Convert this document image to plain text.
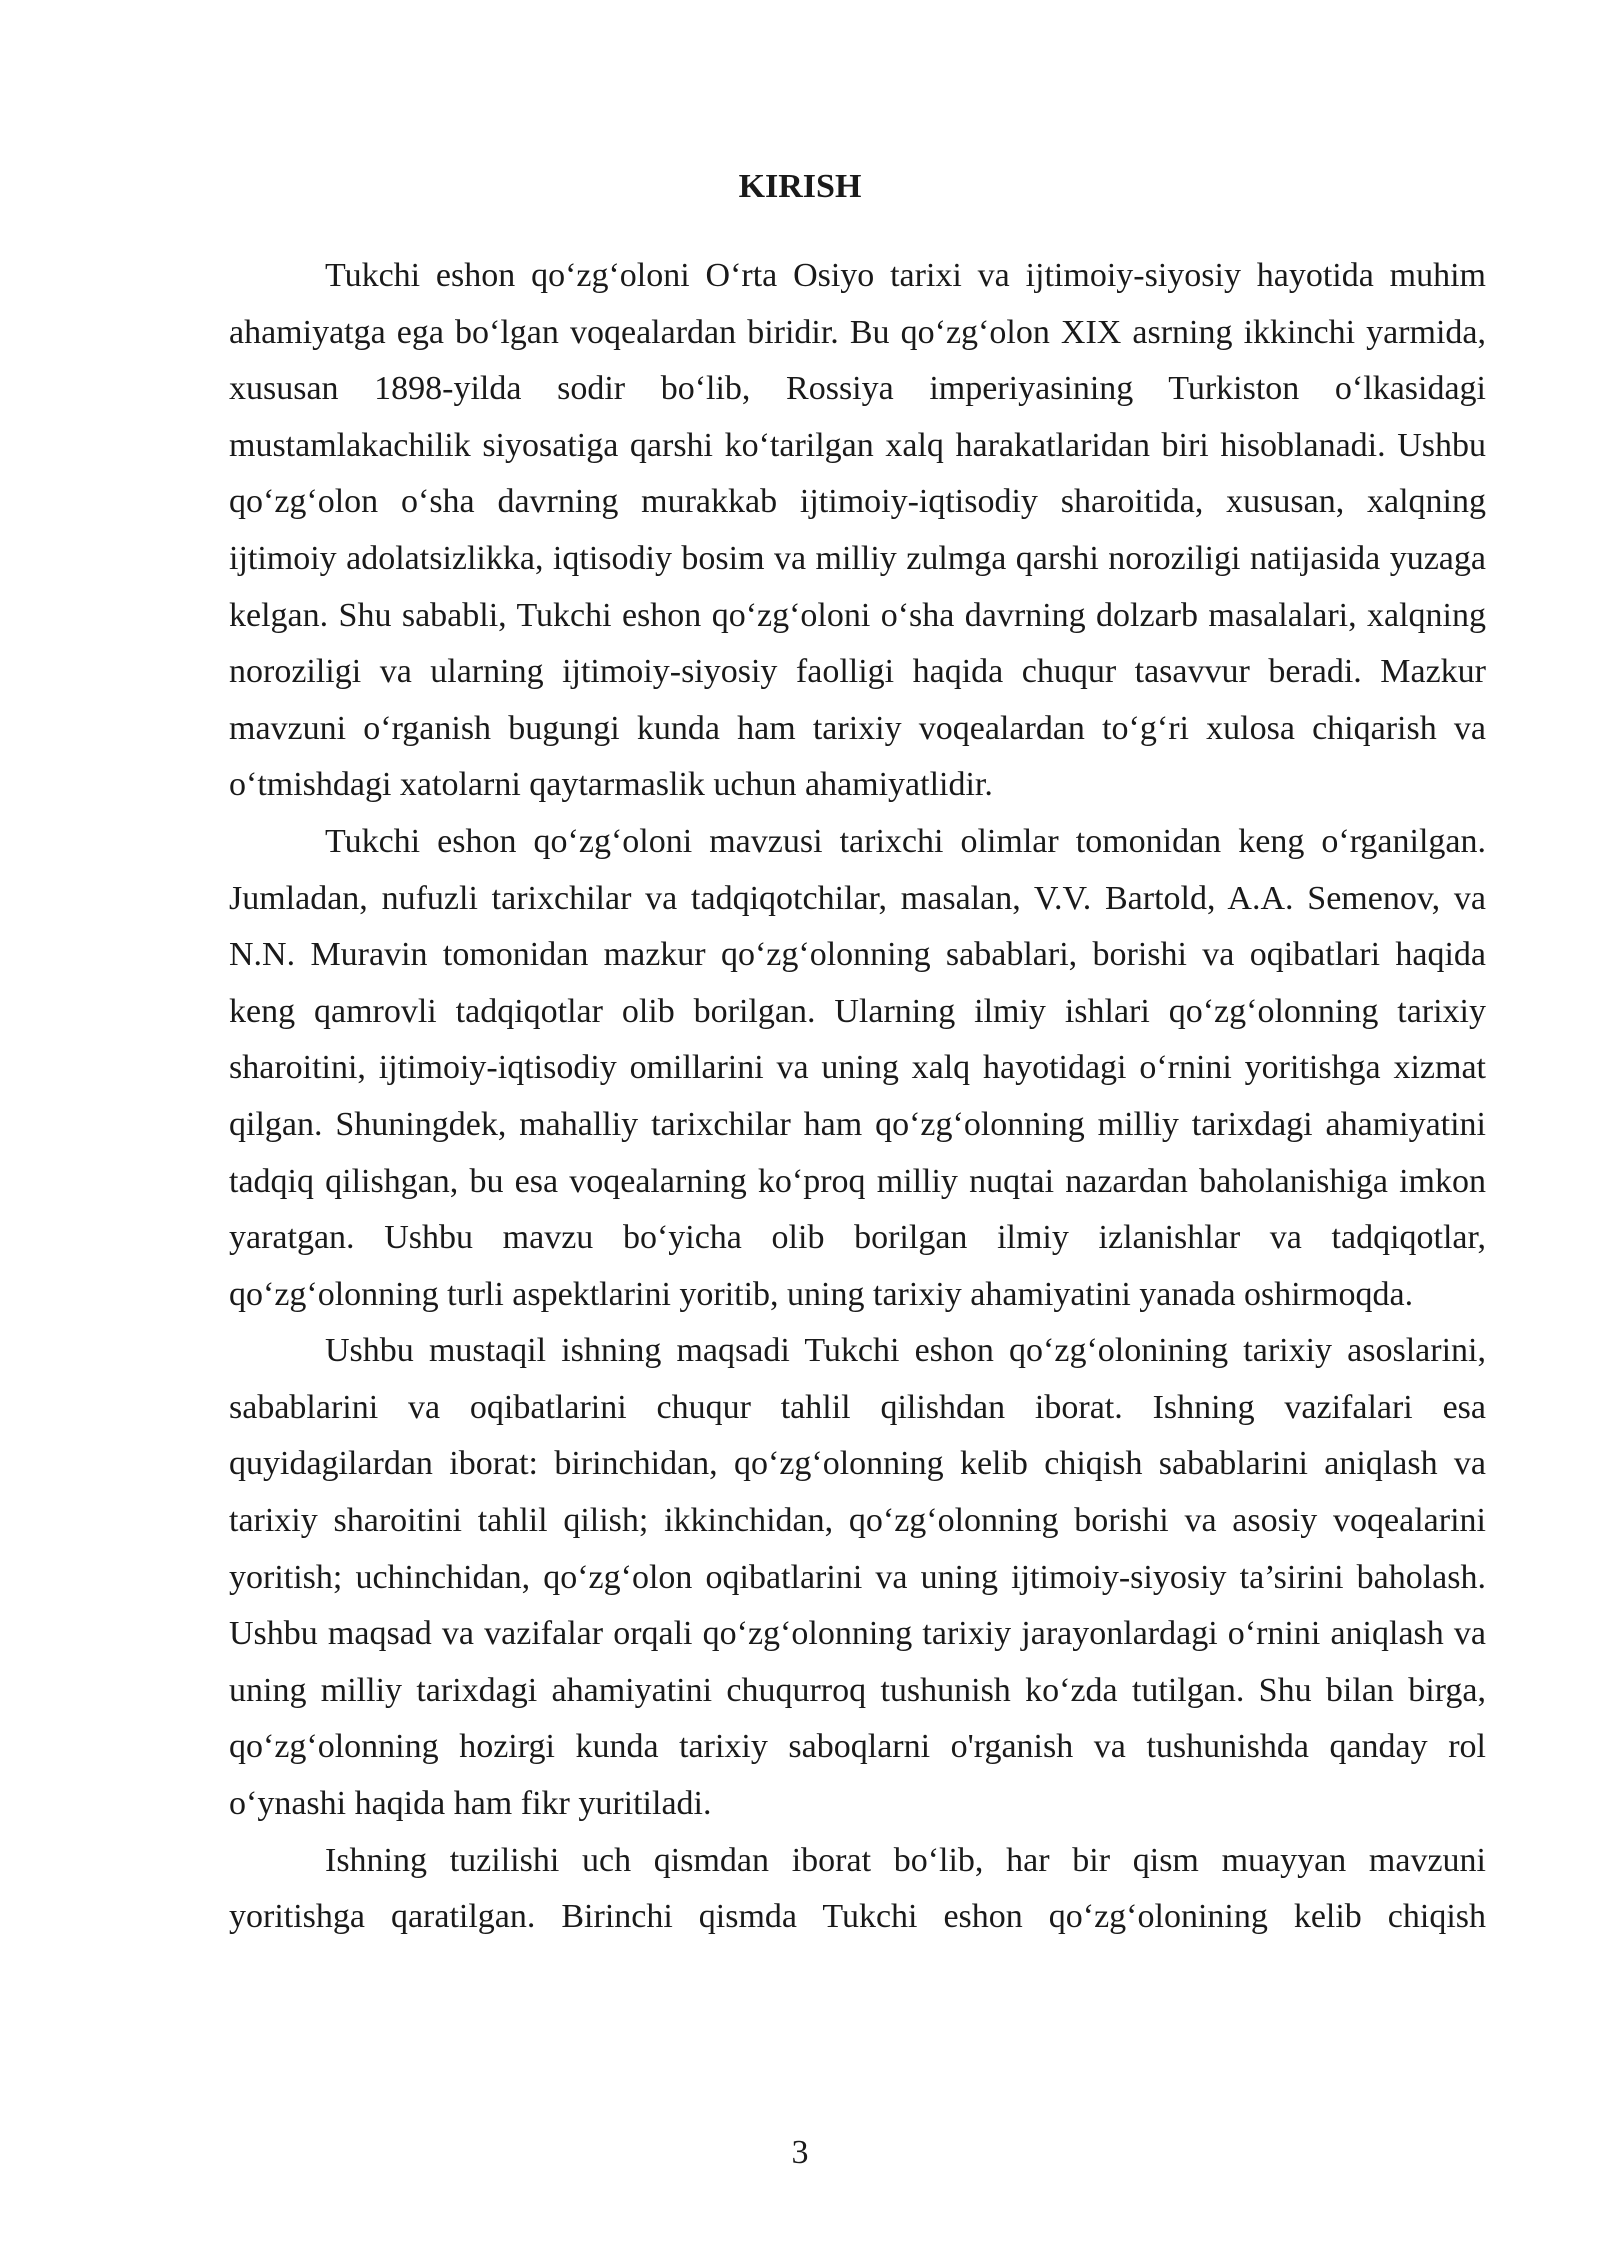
KIRISH

Tukchi eshon qo‘zg‘oloni O‘rta Osiyo tarixi va ijtimoiy-siyosiy hayotida muhim ahamiyatga ega bo‘lgan voqealardan biridir. Bu qo‘zg‘olon XIX asrning ikkinchi yarmida, xususan 1898-yilda sodir bo‘lib, Rossiya imperiyasining Turkiston o‘lkasidagi mustamlakachilik siyosatiga qarshi ko‘tarilgan xalq harakatlaridan biri hisoblanadi. Ushbu qo‘zg‘olon o‘sha davrning murakkab ijtimoiy-iqtisodiy sharoitida, xususan, xalqning ijtimoiy adolatsizlikka, iqtisodiy bosim va milliy zulmga qarshi noroziligi natijasida yuzaga kelgan. Shu sababli, Tukchi eshon qo‘zg‘oloni o‘sha davrning dolzarb masalalari, xalqning noroziligi va ularning ijtimoiy-siyosiy faolligi haqida chuqur tasavvur beradi. Mazkur mavzuni o‘rganish bugungi kunda ham tarixiy voqealardan to‘g‘ri xulosa chiqarish va o‘tmishdagi xatolarni qaytarmaslik uchun ahamiyatlidir.

Tukchi eshon qo‘zg‘oloni mavzusi tarixchi olimlar tomonidan keng o‘rganilgan. Jumladan, nufuzli tarixchilar va tadqiqotchilar, masalan, V.V. Bartold, A.A. Semenov, va N.N. Muravin tomonidan mazkur qo‘zg‘olonning sabablari, borishi va oqibatlari haqida keng qamrovli tadqiqotlar olib borilgan. Ularning ilmiy ishlari qo‘zg‘olonning tarixiy sharoitini, ijtimoiy-iqtisodiy omillarini va uning xalq hayotidagi o‘rnini yoritishga xizmat qilgan. Shuningdek, mahalliy tarixchilar ham qo‘zg‘olonning milliy tarixdagi ahamiyatini tadqiq qilishgan, bu esa voqealarning ko‘proq milliy nuqtai nazardan baholanishiga imkon yaratgan. Ushbu mavzu bo‘yicha olib borilgan ilmiy izlanishlar va tadqiqotlar, qo‘zg‘olonning turli aspektlarini yoritib, uning tarixiy ahamiyatini yanada oshirmoqda.

Ushbu mustaqil ishning maqsadi Tukchi eshon qo‘zg‘olonining tarixiy asoslarini, sabablarini va oqibatlarini chuqur tahlil qilishdan iborat. Ishning vazifalari esa quyidagilardan iborat: birinchidan, qo‘zg‘olonning kelib chiqish sabablarini aniqlash va tarixiy sharoitini tahlil qilish; ikkinchidan, qo‘zg‘olonning borishi va asosiy voqealarini yoritish; uchinchidan, qo‘zg‘olon oqibatlarini va uning ijtimoiy-siyosiy ta’sirini baholash. Ushbu maqsad va vazifalar orqali qo‘zg‘olonning tarixiy jarayonlardagi o‘rnini aniqlash va uning milliy tarixdagi ahamiyatini chuqurroq tushunish ko‘zda tutilgan. Shu bilan birga, qo‘zg‘olonning hozirgi kunda tarixiy saboqlarni o'rganish va tushunishda qanday rol o‘ynashi haqida ham fikr yuritiladi.

Ishning tuzilishi uch qismdan iborat bo‘lib, har bir qism muayyan mavzuni yoritishga qaratilgan. Birinchi qismda Tukchi eshon qo‘zg‘olonining kelib chiqish

3
